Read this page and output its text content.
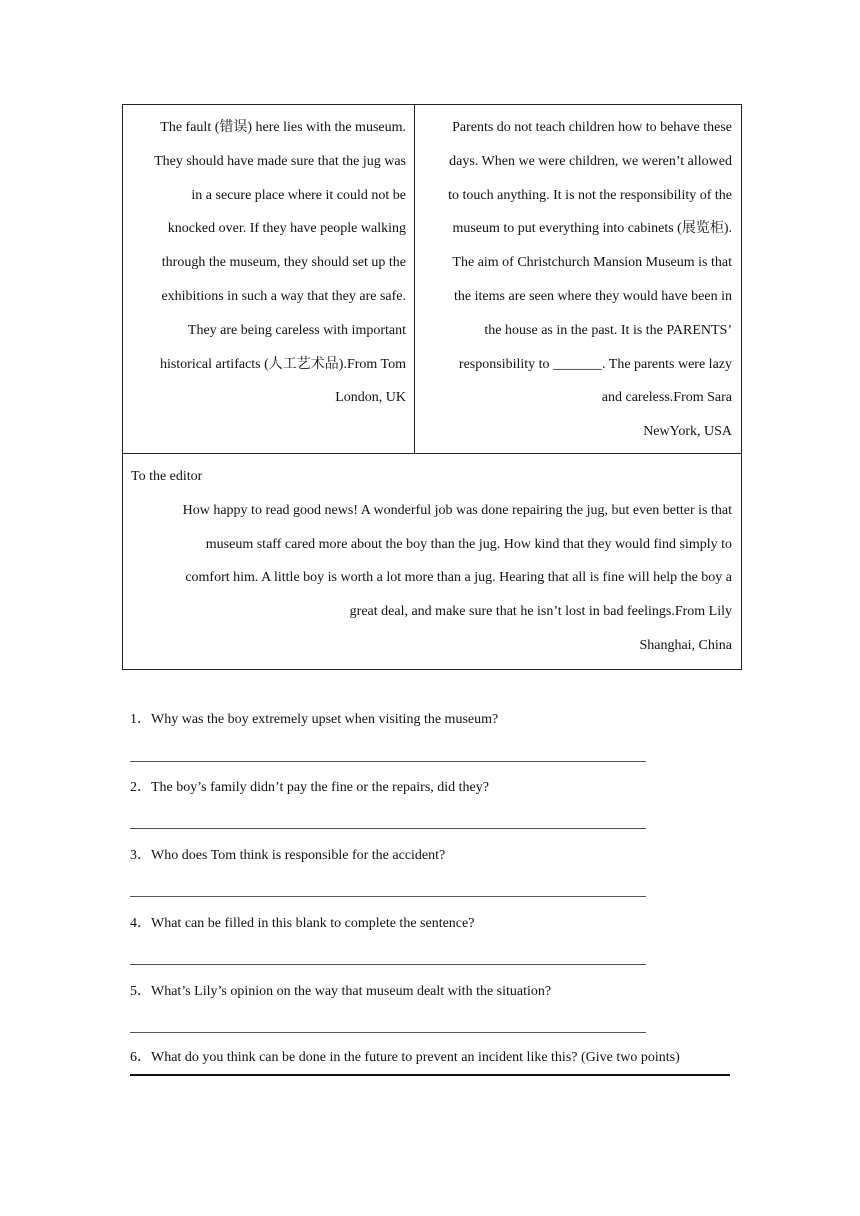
The fault (错误) here lies with the museum.
They should have made sure that the jug was
in a secure place where it could not be
knocked over. If they have people walking
through the museum, they should set up the
exhibitions in such a way that they are safe.
They are being careless with important
historical artifacts (人工艺术品).From Tom
London, UK

Parents do not teach children how to behave these
days. When we were children, we weren’t allowed
to touch anything. It is not the responsibility of the
museum to put everything into cabinets (展览柜).
The aim of Christchurch Mansion Museum is that
the items are seen where they would have been in
the house as in the past. It is the PARENTS’
responsibility to _______. The parents were lazy
and careless.From Sara
NewYork, USA

To the editor
How happy to read good news! A wonderful job was done repairing the jug, but even better is that
museum staff cared more about the boy than the jug. How kind that they would find simply to
comfort him. A little boy is worth a lot more than a jug. Hearing that all is fine will help the boy a
great deal, and make sure that he isn’t lost in bad feelings.From Lily
Shanghai, China
1．Why was the boy extremely upset when visiting the museum?
2．The boy’s family didn’t pay the fine or the repairs, did they?
3．Who does Tom think is responsible for the accident?
4．What can be filled in this blank to complete the sentence?
5．What’s Lily’s opinion on the way that museum dealt with the situation?
6．What do you think can be done in the future to prevent an incident like this? (Give two points)
